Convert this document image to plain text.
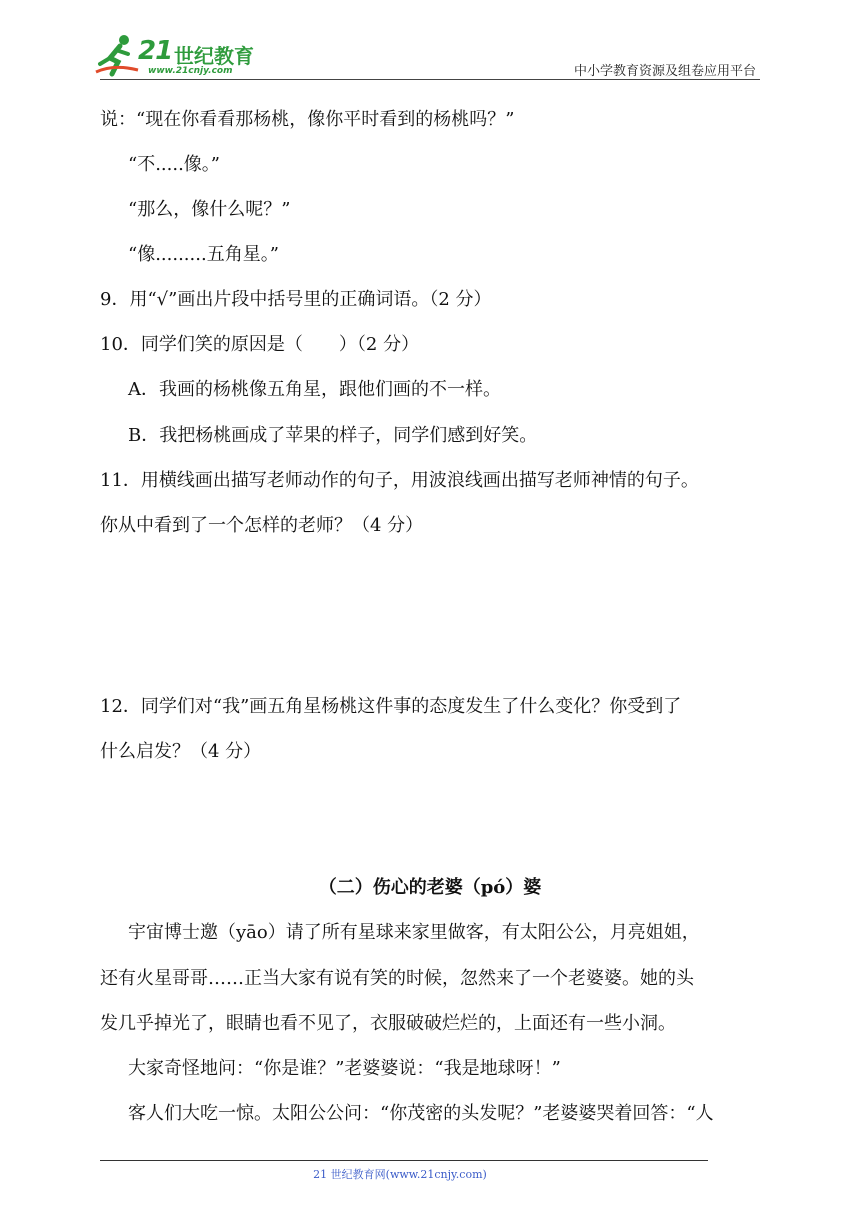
21 世纪教育
www.21cnjy.com	中小学教育资源及组卷应用平台
说：“现在你看看那杨桃，像你平时看到的杨桃吗？”
“不.....像。”
“那么，像什么呢？”
“像.........五角星。”
9．用“√”画出片段中括号里的正确词语。（2 分）
10．同学们笑的原因是（　　）（2 分）
A．我画的杨桃像五角星，跟他们画的不一样。
B．我把杨桃画成了苹果的样子，同学们感到好笑。
11．用横线画出描写老师动作的句子，用波浪线画出描写老师神情的句子。
你从中看到了一个怎样的老师？（4 分）
12．同学们对“我”画五角星杨桃这件事的态度发生了什么变化？你受到了
什么启发？（4 分）
（二）伤心的老婆（pó）婆
宇宙博士邀（yāo）请了所有星球来家里做客，有太阳公公，月亮姐姐，
还有火星哥哥……正当大家有说有笑的时候，忽然来了一个老婆婆。她的头
发几乎掉光了，眼睛也看不见了，衣服破破烂烂的，上面还有一些小洞。
大家奇怪地问：“你是谁？”老婆婆说：“我是地球呀！”
客人们大吃一惊。太阳公公问：“你茂密的头发呢？”老婆婆哭着回答：“人
21 世纪教育网(www.21cnjy.com)
